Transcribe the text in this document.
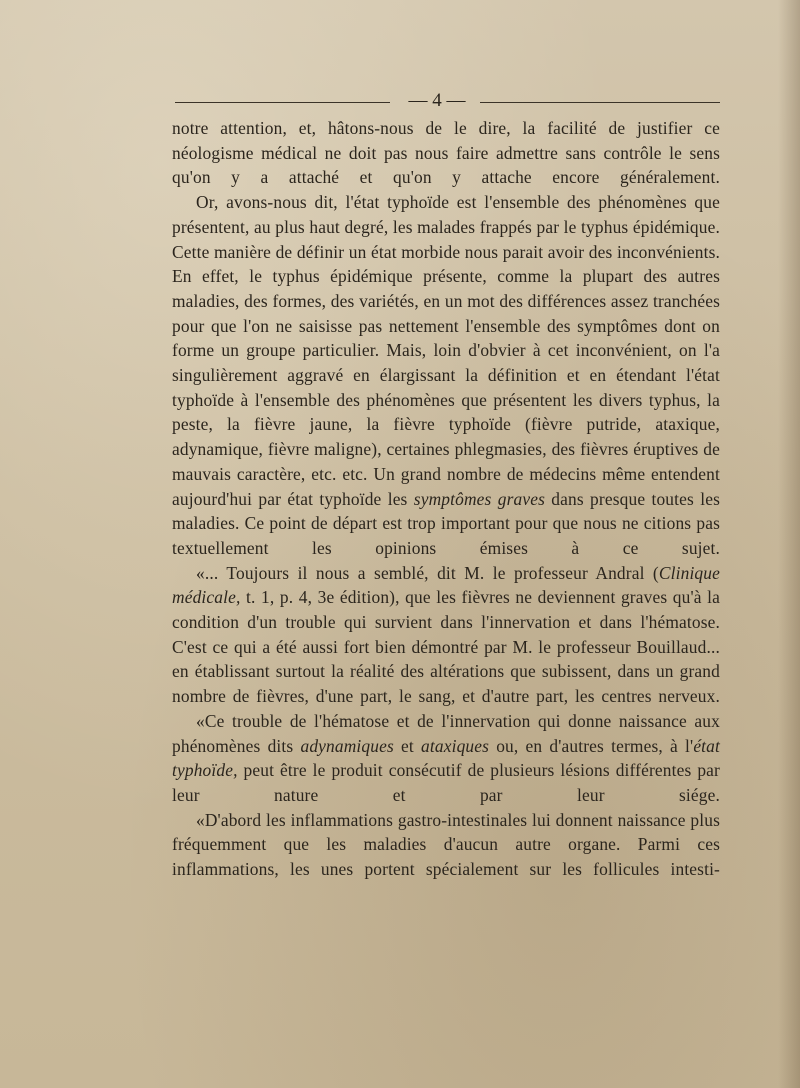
— 4 —

notre attention, et, hâtons-nous de le dire, la facilité de justifier ce néologisme médical ne doit pas nous faire admettre sans contrôle le sens qu'on y a attaché et qu'on y attache encore généralement.

Or, avons-nous dit, l'état typhoïde est l'ensemble des phénomènes que présentent, au plus haut degré, les malades frappés par le typhus épidémique. Cette manière de définir un état morbide nous parait avoir des inconvénients. En effet, le typhus épidémique présente, comme la plupart des autres maladies, des formes, des variétés, en un mot des différences assez tranchées pour que l'on ne saisisse pas nettement l'ensemble des symptômes dont on forme un groupe particulier. Mais, loin d'obvier à cet inconvénient, on l'a singulièrement aggravé en élargissant la définition et en étendant l'état typhoïde à l'ensemble des phénomènes que présentent les divers typhus, la peste, la fièvre jaune, la fièvre typhoïde (fièvre putride, ataxique, adynamique, fièvre maligne), certaines phlegmasies, des fièvres éruptives de mauvais caractère, etc. etc. Un grand nombre de médecins même entendent aujourd'hui par état typhoïde les symptômes graves dans presque toutes les maladies. Ce point de départ est trop important pour que nous ne citions pas textuellement les opinions émises à ce sujet.

«... Toujours il nous a semblé, dit M. le professeur Andral (Clinique médicale, t. 1, p. 4, 3e édition), que les fièvres ne deviennent graves qu'à la condition d'un trouble qui survient dans l'innervation et dans l'hématose. C'est ce qui a été aussi fort bien démontré par M. le professeur Bouillaud... en établissant surtout la réalité des altérations que subissent, dans un grand nombre de fièvres, d'une part, le sang, et d'autre part, les centres nerveux.

«Ce trouble de l'hématose et de l'innervation qui donne naissance aux phénomènes dits adynamiques et ataxiques ou, en d'autres termes, à l'état typhoïde, peut être le produit consécutif de plusieurs lésions différentes par leur nature et par leur siége.

«D'abord les inflammations gastro-intestinales lui donnent naissance plus fréquemment que les maladies d'aucun autre organe. Parmi ces inflammations, les unes portent spécialement sur les follicules intesti-
